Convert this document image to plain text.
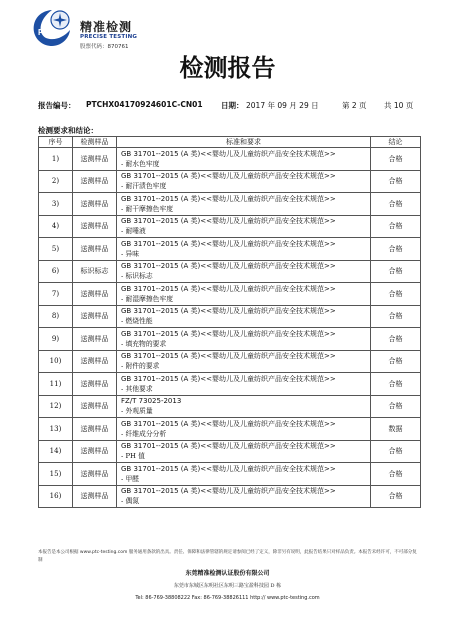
PTC 精准检测
PRECISE TESTING
股票代码：870761
检测报告
报告编号： PTCHX04170924601C-CN01 日期： 2017 年 09 月 29 日	第 2 页 共 10 页
检测要求和结论：
序号	检测样品	标准和要求	结论
1)	送测样品	GB 31701--2015 (A 类)<<婴幼儿及儿童纺织产品安全技术规范>>
- 耐水色牢度	合格
2)	送测样品	GB 31701--2015 (A 类)<<婴幼儿及儿童纺织产品安全技术规范>>
- 耐汗渍色牢度	合格
3)	送测样品	GB 31701--2015 (A 类)<<婴幼儿及儿童纺织产品安全技术规范>>
- 耐干摩擦色牢度	合格
4)	送测样品	GB 31701--2015 (A 类)<<婴幼儿及儿童纺织产品安全技术规范>>
- 耐唾液	合格
5)	送测样品	GB 31701--2015 (A 类)<<婴幼儿及儿童纺织产品安全技术规范>>
- 异味	合格
6)	标识标志	GB 31701--2015 (A 类)<<婴幼儿及儿童纺织产品安全技术规范>>
- 标识标志	合格
7)	送测样品	GB 31701--2015 (A 类)<<婴幼儿及儿童纺织产品安全技术规范>>
- 耐湿摩擦色牢度	合格
8)	送测样品	GB 31701--2015 (A 类)<<婴幼儿及儿童纺织产品安全技术规范>>
- 燃烧性能	合格
9)	送测样品	GB 31701--2015 (A 类)<<婴幼儿及儿童纺织产品安全技术规范>>
- 填充物的要求	合格
10)	送测样品	GB 31701--2015 (A 类)<<婴幼儿及儿童纺织产品安全技术规范>>
- 附件的要求	合格
11)	送测样品	GB 31701--2015 (A 类)<<婴幼儿及儿童纺织产品安全技术规范>>
- 其他要求	合格
12)	送测样品	FZ/T 73025-2013
- 外观质量	合格
13)	送测样品	GB 31701--2015 (A 类)<<婴幼儿及儿童纺织产品安全技术规范>>
- 纤维成分分析	数据
14)	送测样品	GB 31701--2015 (A 类)<<婴幼儿及儿童纺织产品安全技术规范>>
- PH 值	合格
15)	送测样品	GB 31701--2015 (A 类)<<婴幼儿及儿童纺织产品安全技术规范>>
- 甲醛	合格
16)	送测样品	GB 31701--2015 (A 类)<<婴幼儿及儿童纺织产品安全技术规范>>
- 偶氮	合格
本报告是本公司根据 www.ptc-testing.com 服务通用条款的出具。责任、保障和法律管辖的规定请参阅已经了定义，除非另有说明，此报告结果只对样品负责。本报告未经许可，不可部分复制
东莞精准检测认证股份有限公司
东莞市东城区东明社区东明三路宝盈科技园 D 栋
Tel: 86-769-38808222 Fax: 86-769-38826111 http:// www.ptc-testing.com
